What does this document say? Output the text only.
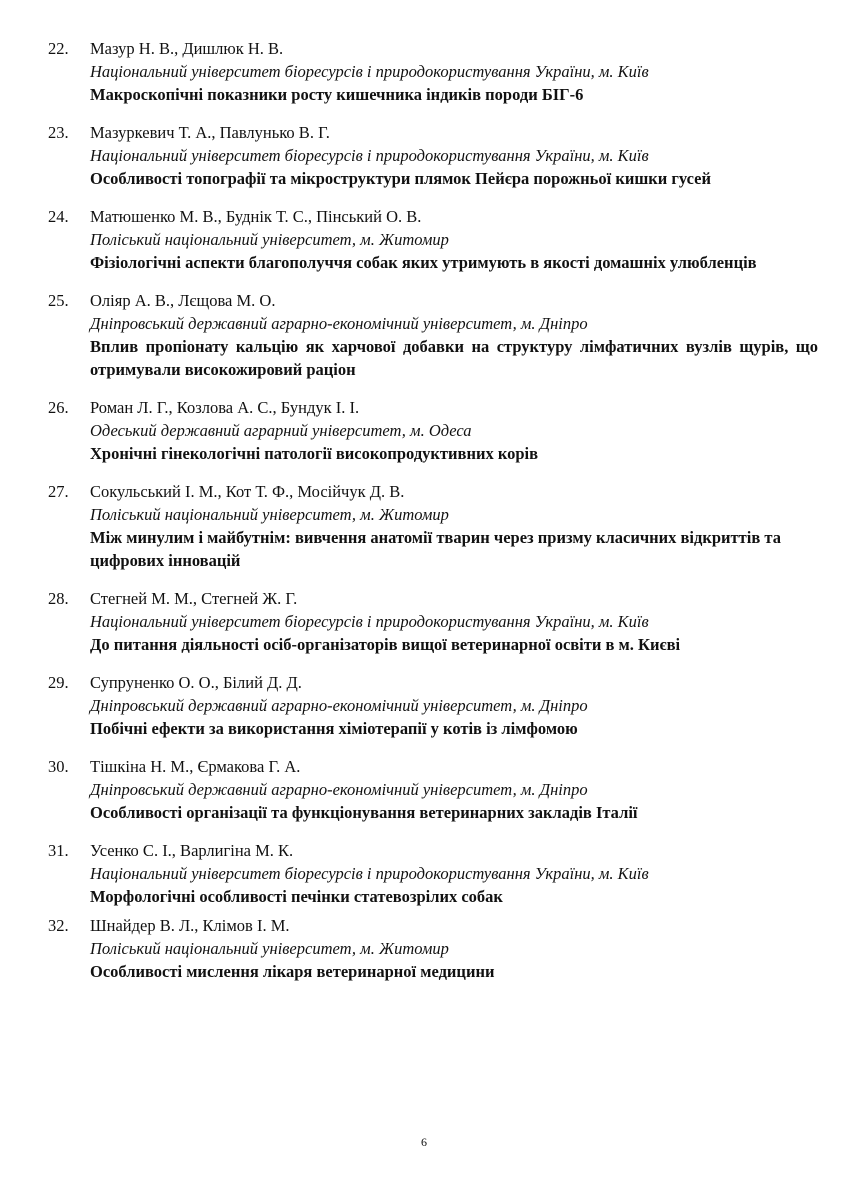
22. Мазур Н. В., Дишлюк Н. В.
Національний університет біоресурсів і природокористування України, м. Київ
Макроскопічні показники росту кишечника індиків породи БІГ-6
23. Мазуркевич Т. А., Павлунько В. Г.
Національний університет біоресурсів і природокористування України, м. Київ
Особливості топографії та мікроструктури плямок Пейєра порожньої кишки гусей
24. Матюшенко М. В., Буднік Т. С., Пінський О. В.
Поліський національний університет, м. Житомир
Фізіологічні аспекти благополуччя собак яких утримують в якості домашніх улюбленців
25. Оліяр А. В., Лєщова М. О.
Дніпровський державний аграрно-економічний університет, м. Дніпро
Вплив пропіонату кальцію як харчової добавки на структуру лімфатичних вузлів щурів, що отримували високожировий раціон
26. Роман Л. Г., Козлова А. С., Бундук І. І.
Одеський державний аграрний університет, м. Одеса
Хронічні гінекологічні патології високопродуктивних корів
27. Сокульський І. М., Кот Т. Ф., Мосійчук Д. В.
Поліський національний університет, м. Житомир
Між минулим і майбутнім: вивчення анатомії тварин через призму класичних відкриттів та цифрових інновацій
28. Стегней М. М., Стегней Ж. Г.
Національний університет біоресурсів і природокористування України, м. Київ
До питання діяльності осіб-організаторів вищої ветеринарної освіти в м. Києві
29. Супруненко О. О., Білий Д. Д.
Дніпровський державний аграрно-економічний університет, м. Дніпро
Побічні ефекти за використання хіміотерапії у котів із лімфомою
30. Тішкіна Н. М., Єрмакова Г. А.
Дніпровський державний аграрно-економічний університет, м. Дніпро
Особливості організації та функціонування ветеринарних закладів Італії
31. Усенко С. І., Варлигіна М. К.
Національний університет біоресурсів і природокористування України, м. Київ
Морфологічні особливості печінки статевозрілих собак
32. Шнайдер В. Л., Клімов І. М.
Поліський національний університет, м. Житомир
Особливості мислення лікаря ветеринарної медицини
6
